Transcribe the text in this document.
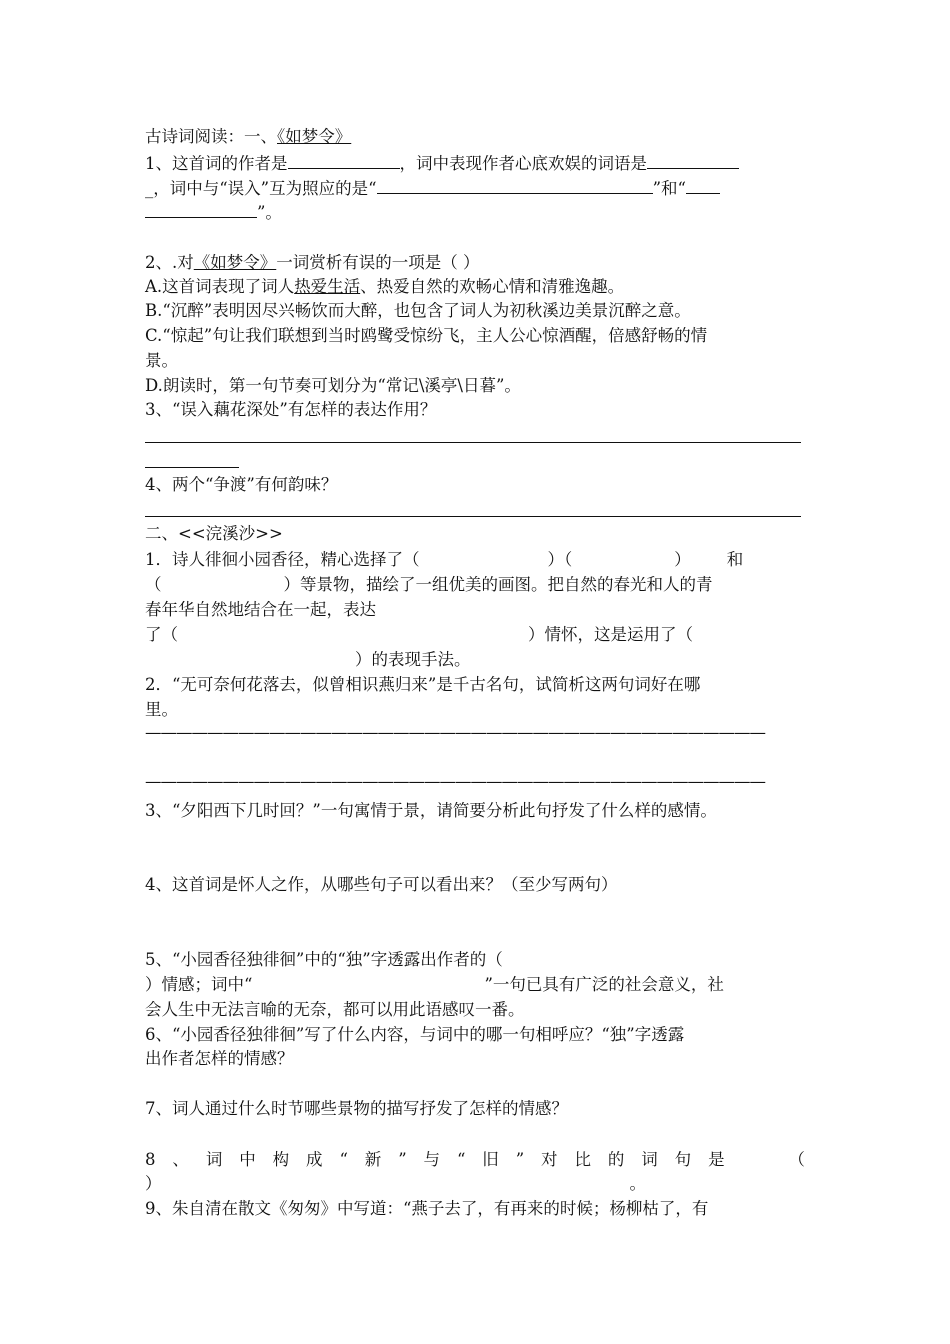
古诗词阅读：一、《如梦令》
1、这首词的作者是	，词中表现作者心底欢娱的词语是
_，词中与“误入”互为照应的是“	”和“
”。
2、.对《如梦令》一词赏析有误的一项是（ ）
A.这首词表现了词人热爱生活、热爱自然的欢畅心情和清雅逸趣。
B.“沉醉”表明因尽兴畅饮而大醉，也包含了词人为初秋溪边美景沉醉之意。
C.“惊起”句让我们联想到当时鸥鹭受惊纷飞，主人公心惊酒醒，倍感舒畅的情
景。
D.朗读时，第一句节奏可划分为“常记\溪亭\日暮”。
3、“误入藕花深处”有怎样的表达作用？
4、两个“争渡”有何韵味？
二、<<浣溪沙>>
1．诗人徘徊小园香径，精心选择了（	）（	） 和
（	）等景物，描绘了一组优美的画图。把自然的春光和人的青
春年华自然地结合在一起，表达
了（	）情怀，这是运用了（
）的表现手法。
2．“无可奈何花落去，似曾相识燕归来”是千古名句，试简析这两句词好在哪
里。
————————————————————————————————————————
————————————————————————————————————————
3、“夕阳西下几时回？”一句寓情于景，请简要分析此句抒发了什么样的感情。
4、这首词是怀人之作，从哪些句子可以看出来？（至少写两句）
5、“小园香径独徘徊”中的“独”字透露出作者的（
）情感；词中“	”一句已具有广泛的社会意义，社
会人生中无法言喻的无奈，都可以用此语感叹一番。
6、“小园香径独徘徊”写了什么内容，与词中的哪一句相呼应？“独”字透露
出作者怎样的情感？
7、词人通过什么时节哪些景物的描写抒发了怎样的情感？
8 、 词 中 构 成 “ 新 ” 与 “ 旧 ” 对 比 的 词 句 是	（
）	。
9、朱自清在散文《匆匆》中写道：“燕子去了，有再来的时候；杨柳枯了，有
